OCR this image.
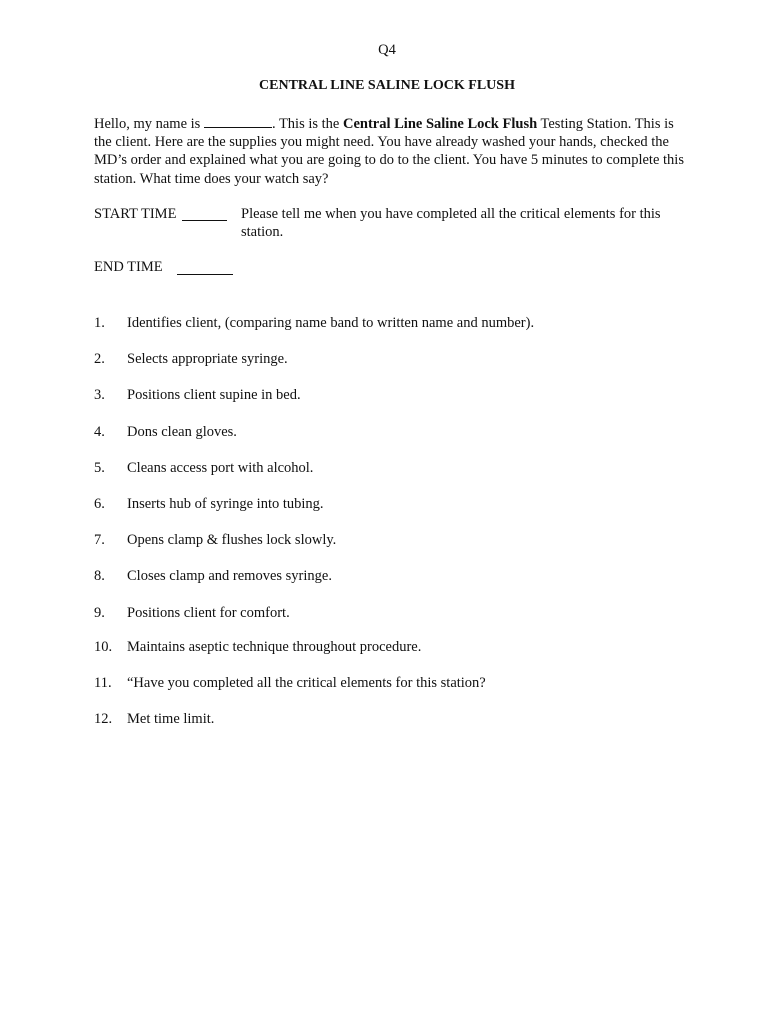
Q4
CENTRAL LINE SALINE LOCK FLUSH
Hello, my name is	. This is the Central Line Saline Lock Flush Testing Station. This is the client. Here are the supplies you might need. You have already washed your hands, checked the MD’s order and explained what you are going to do to the client. You have 5 minutes to complete this station. What time does your watch say?
START TIME	Please tell me when you have completed all the critical elements for this station.
END TIME
1.	Identifies client, (comparing name band to written name and number).
2.	Selects appropriate syringe.
3.	Positions client supine in bed.
4.	Dons clean gloves.
5.	Cleans access port with alcohol.
6.	Inserts hub of syringe into tubing.
7.	Opens clamp & flushes lock slowly.
8.	Closes clamp and removes syringe.
9.	Positions client for comfort.
10.	Maintains aseptic technique throughout procedure.
11.	“Have you completed all the critical elements for this station?
12.	Met time limit.
